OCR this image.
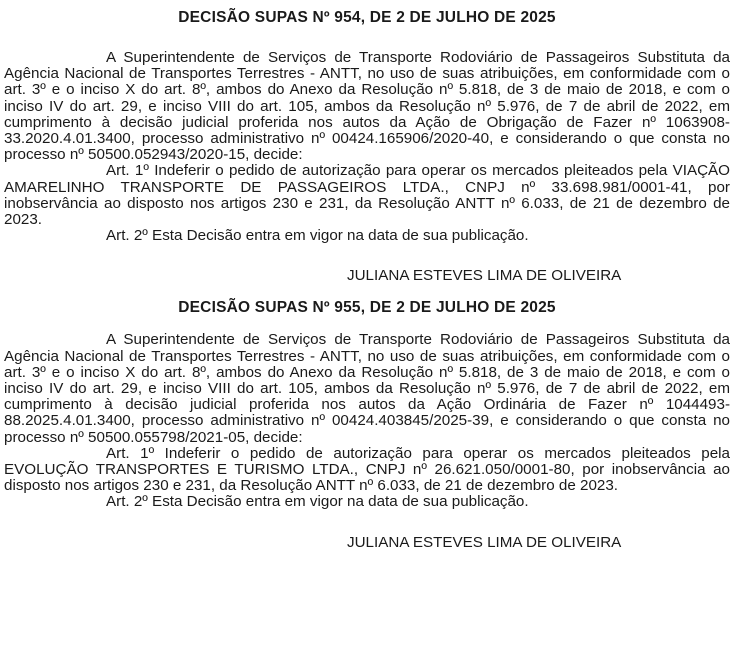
DECISÃO SUPAS Nº 954, DE 2 DE JULHO DE 2025

A Superintendente de Serviços de Transporte Rodoviário de Passageiros Substituta da Agência Nacional de Transportes Terrestres - ANTT, no uso de suas atribuições, em conformidade com o art. 3º e o inciso X do art. 8º, ambos do Anexo da Resolução nº 5.818, de 3 de maio de 2018, e com o inciso IV do art. 29, e inciso VIII do art. 105, ambos da Resolução nº 5.976, de 7 de abril de 2022, em cumprimento à decisão judicial proferida nos autos da Ação de Obrigação de Fazer nº 1063908-33.2020.4.01.3400, processo administrativo nº 00424.165906/2020-40, e considerando o que consta no processo nº 50500.052943/2020-15, decide:

Art. 1º Indeferir o pedido de autorização para operar os mercados pleiteados pela VIAÇÃO AMARELINHO TRANSPORTE DE PASSAGEIROS LTDA., CNPJ nº 33.698.981/0001-41, por inobservância ao disposto nos artigos 230 e 231, da Resolução ANTT nº 6.033, de 21 de dezembro de 2023.

Art. 2º Esta Decisão entra em vigor na data de sua publicação.

JULIANA ESTEVES LIMA DE OLIVEIRA

DECISÃO SUPAS Nº 955, DE 2 DE JULHO DE 2025

A Superintendente de Serviços de Transporte Rodoviário de Passageiros Substituta da Agência Nacional de Transportes Terrestres - ANTT, no uso de suas atribuições, em conformidade com o art. 3º e o inciso X do art. 8º, ambos do Anexo da Resolução nº 5.818, de 3 de maio de 2018, e com o inciso IV do art. 29, e inciso VIII do art. 105, ambos da Resolução nº 5.976, de 7 de abril de 2022, em cumprimento à decisão judicial proferida nos autos da Ação Ordinária de Fazer nº 1044493-88.2025.4.01.3400, processo administrativo nº 00424.403845/2025-39, e considerando o que consta no processo nº 50500.055798/2021-05, decide:

Art. 1º Indeferir o pedido de autorização para operar os mercados pleiteados pela EVOLUÇÃO TRANSPORTES E TURISMO LTDA., CNPJ nº 26.621.050/0001-80, por inobservância ao disposto nos artigos 230 e 231, da Resolução ANTT nº 6.033, de 21 de dezembro de 2023.

Art. 2º Esta Decisão entra em vigor na data de sua publicação.

JULIANA ESTEVES LIMA DE OLIVEIRA
